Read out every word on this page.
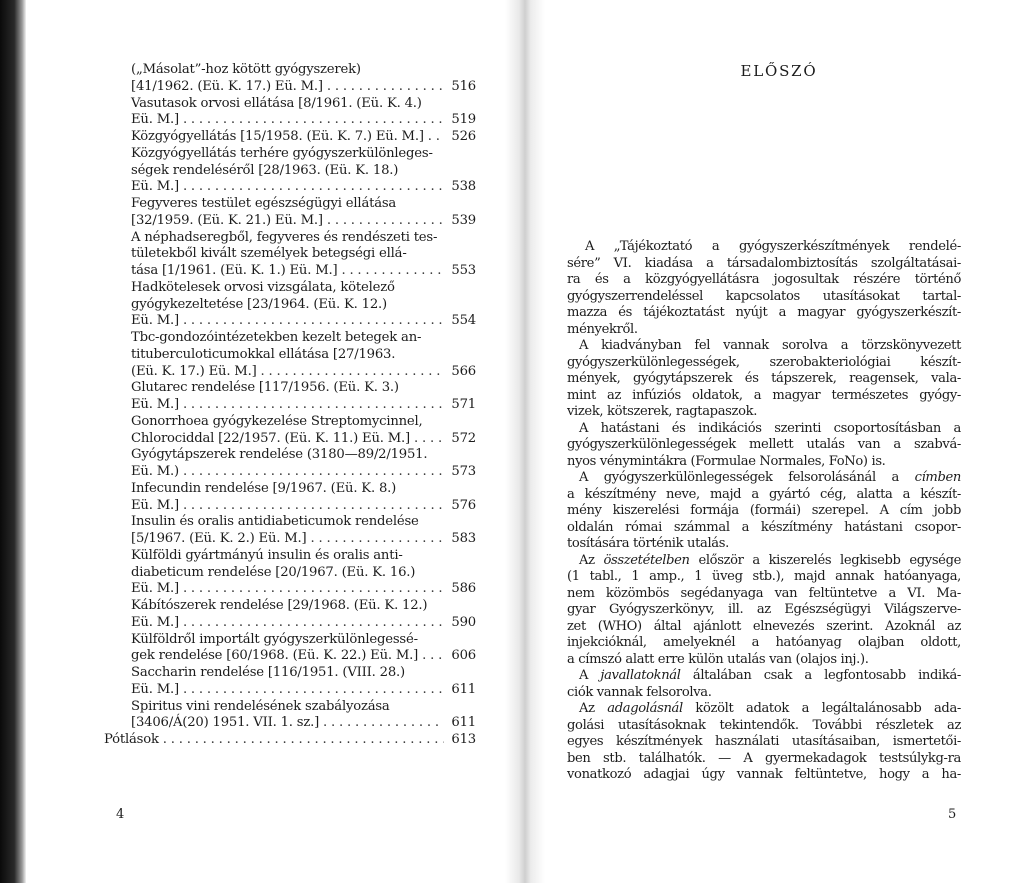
(„Másolat”-hoz kötött gyógyszerek)
[41/1962. (Eü. K. 17.) Eü. M.] . . .	516
Vasutasok orvosi ellátása [8/1961. (Eü. K. 4.)
Eü. M.] . . .	519
Közgyógyellátás [15/1958. (Eü. K. 7.) Eü. M.] . . . 526
Közgyógyellátás terhére gyógyszerkülönleges-
ségek rendeléséről [28/1963. (Eü. K. 18.)
Eü. M.] . . .	538
Fegyveres testület egészségügyi ellátása
[32/1959. (Eü. K. 21.) Eü. M.] . . .	539
A néphadseregből, fegyveres és rendészeti tes-
tületekből kivált személyek betegségi ellá-
tása [1/1961. (Eü. K. 1.) Eü. M.] . . .	553
Hadkötelesek orvosi vizsgálata, kötelező
gyógykezeltetése [23/1964. (Eü. K. 12.)
Eü. M.] . . .	554
Tbc-gondozóintézetekben kezelt betegek an-
tituberculoticumokkal ellátása [27/1963.
(Eü. K. 17.) Eü. M.] . . .	566
Glutarec rendelése [117/1956. (Eü. K. 3.)
Eü. M.] . . .	571
Gonorrhoea gyógykezelése Streptomycinnel,
Chlorociddal [22/1957. (Eü. K. 11.) Eü. M.] . . .	572
Gyógytápszerek rendelése (3180—89/2/1951.
Eü. M.) . . .	573
Infecundin rendelése [9/1967. (Eü. K. 8.)
Eü. M.] . . .	576
Insulin és oralis antidiabeticumok rendelése
[5/1967. (Eü. K. 2.) Eü. M.] . . .	583
Külföldi gyártmányú insulin és oralis anti-
diabeticum rendelése [20/1967. (Eü. K. 16.)
Eü. M.] . . .	586
Kábítószerek rendelése [29/1968. (Eü. K. 12.)
Eü. M.] . . .	590
Külföldről importált gyógyszerkülönlegessé-
gek rendelése [60/1968. (Eü. K. 22.) Eü. M.] . . .	606
Saccharin rendelése [116/1951. (VIII. 28.)
Eü. M.] . . .	611
Spiritus vini rendelésének szabályozása
[3406/Á(20) 1951. VII. 1. sz.] . . .	611
Pótlások . . .	613
4
ELŐSZÓ

A „Tájékoztató a gyógyszerkészítmények rendelé-
sére” VI. kiadása a társadalombiztosítás szolgáltatásai-
ra és a közgyógyellátásra jogosultak részére történő
gyógyszerrendeléssel kapcsolatos utasításokat tartal-
mazza és tájékoztatást nyújt a magyar gyógyszerkészít-
ményekről.

A kiadványban fel vannak sorolva a törzskönyvezett
gyógyszerkülönlegességek, szerobakteriológiai készít-
mények, gyógytápszerek és tápszerek, reagensek, vala-
mint az infúziós oldatok, a magyar természetes gyógy-
vizek, kötszerek, ragtapaszok.

A hatástani és indikációs szerinti csoportosításban a
gyógyszerkülönlegességek mellett utalás van a szabvá-
nyos vénymintákra (Formulae Normales, FoNo) is.

A gyógyszerkülönlegességek felsorolásánál a címben
a készítmény neve, majd a gyártó cég, alatta a készít-
mény kiszerelési formája (formái) szerepel. A cím jobb
oldalán római számmal a készítmény hatástani csopor-
tosítására történik utalás.

Az összetételben először a kiszerelés legkisebb egysége
(1 tabl., 1 amp., 1 üveg stb.), majd annak hatóanyaga,
nem közömbös segédanyaga van feltüntetve a VI. Ma-
gyar Gyógyszerkönyv, ill. az Egészségügyi Világszerve-
zet (WHO) által ajánlott elnevezés szerint. Azoknál az
injekcióknál, amelyeknél a hatóanyag olajban oldott,
a címszó alatt erre külön utalás van (olajos inj.).

A javallatoknál általában csak a legfontosabb indiká-
ciók vannak felsorolva.

Az adagolásnál közölt adatok a legáltalánosabb ada-
golási utasításoknak tekintendők. További részletek az
egyes készítmények használati utasításaiban, ismertetői-
ben stb. találhatók. — A gyermekadagok testsúlykg-ra
vonatkozó adagjai úgy vannak feltüntetve, hogy a ha-

5
